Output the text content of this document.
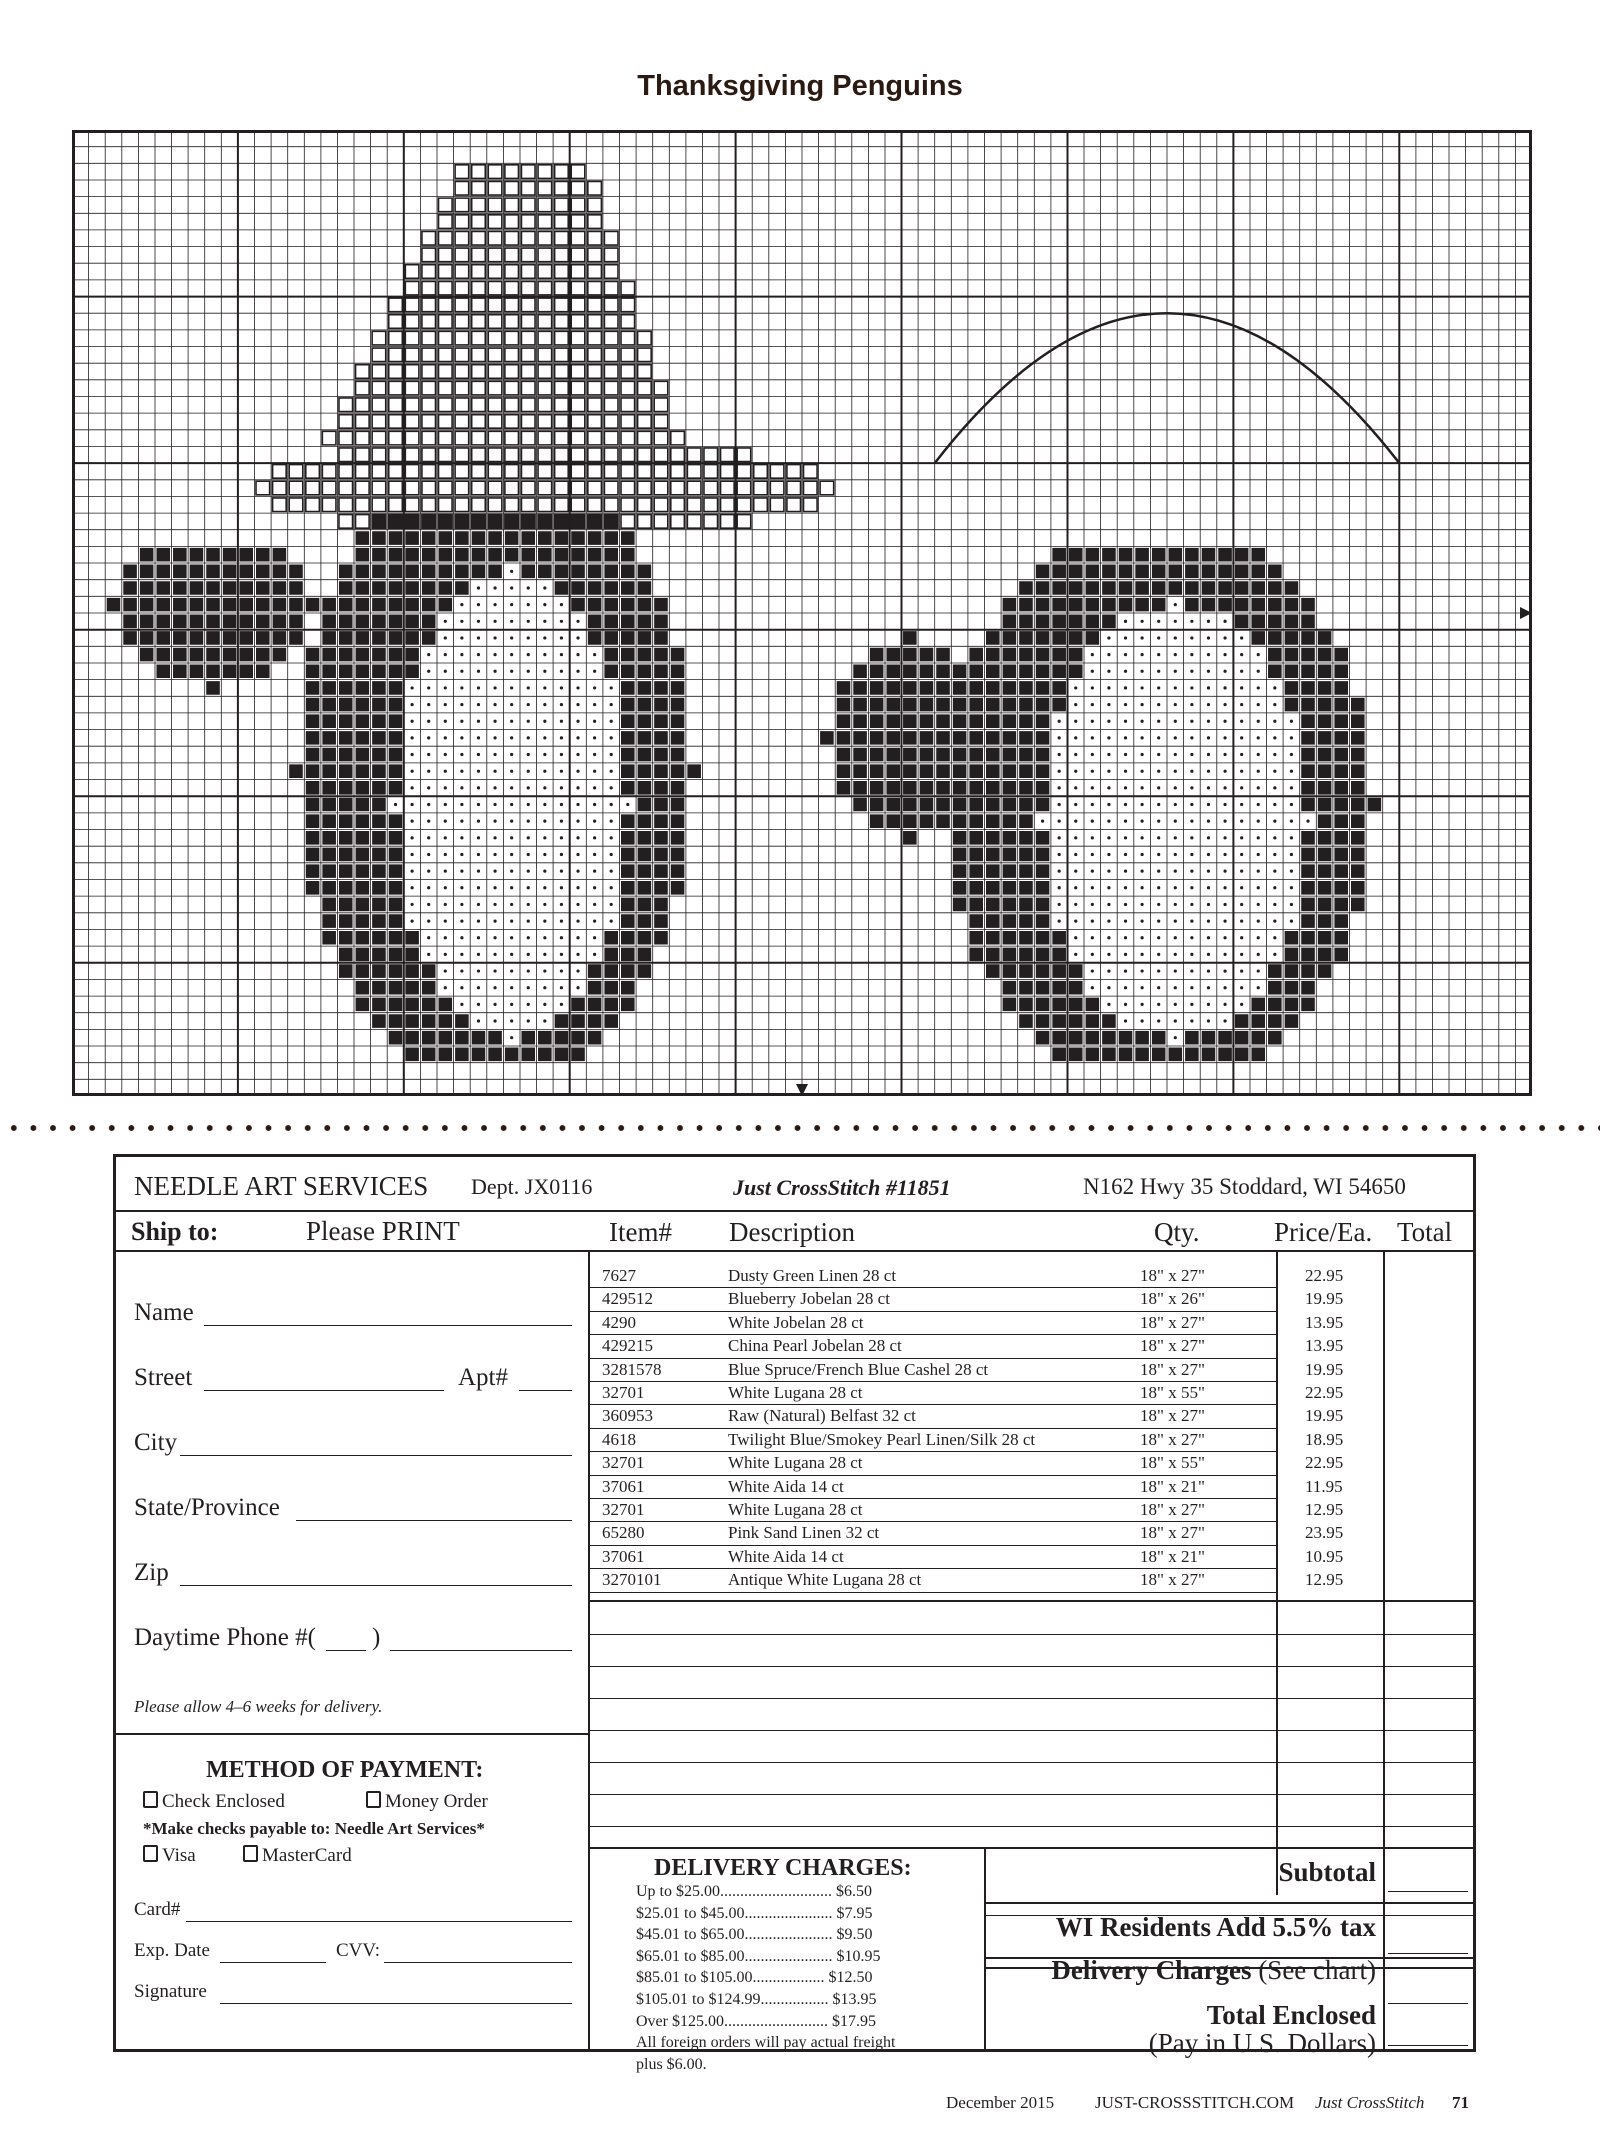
Thanksgiving Penguins
NEEDLE ART SERVICES Dept. JX0116	Just CrossStitch #11851	N162 Hwy 35 Stoddard, WI 54650
Ship to:	Please PRINT	Item# Description	Qty.	Price/Ea. Total
Name
Street	Apt#
City
State/Province
Zip
Daytime Phone #( )
Please allow 4–6 weeks for delivery.
METHOD OF PAYMENT:
Check Enclosed	Money Order
*Make checks payable to: Needle Art Services*
Visa	MasterCard
Card#
Exp. Date	CVV:
Signature
7627	Dusty Green Linen 28 ct	18" x 27"	22.95
429512	Blueberry Jobelan 28 ct	18" x 26"	19.95
4290	White Jobelan 28 ct	18" x 27"	13.95
429215	China Pearl Jobelan 28 ct	18" x 27"	13.95
3281578	Blue Spruce/French Blue Cashel 28 ct	18" x 27"	19.95
32701	White Lugana 28 ct	18" x 55"	22.95
360953	Raw (Natural) Belfast 32 ct	18" x 27"	19.95
4618	Twilight Blue/Smokey Pearl Linen/Silk 28 ct	18" x 27"	18.95
32701	White Lugana 28 ct	18" x 55"	22.95
37061	White Aida 14 ct	18" x 21"	11.95
32701	White Lugana 28 ct	18" x 27"	12.95
65280	Pink Sand Linen 32 ct	18" x 27"	23.95
37061	White Aida 14 ct	18" x 21"	10.95
3270101	Antique White Lugana 28 ct	18" x 27"	12.95
DELIVERY CHARGES:
Up to $25.00............................ $6.50
$25.01 to $45.00...................... $7.95
$45.01 to $65.00...................... $9.50
$65.01 to $85.00...................... $10.95
$85.01 to $105.00.................. $12.50
$105.01 to $124.99................. $13.95
Over $125.00.......................... $17.95
All foreign orders will pay actual freight
plus $6.00.
Subtotal
WI Residents Add 5.5% tax
Delivery Charges (See chart)
Total Enclosed
(Pay in U.S. Dollars)
December 2015 JUST-CROSSSTITCH.COM Just CrossStitch 71
